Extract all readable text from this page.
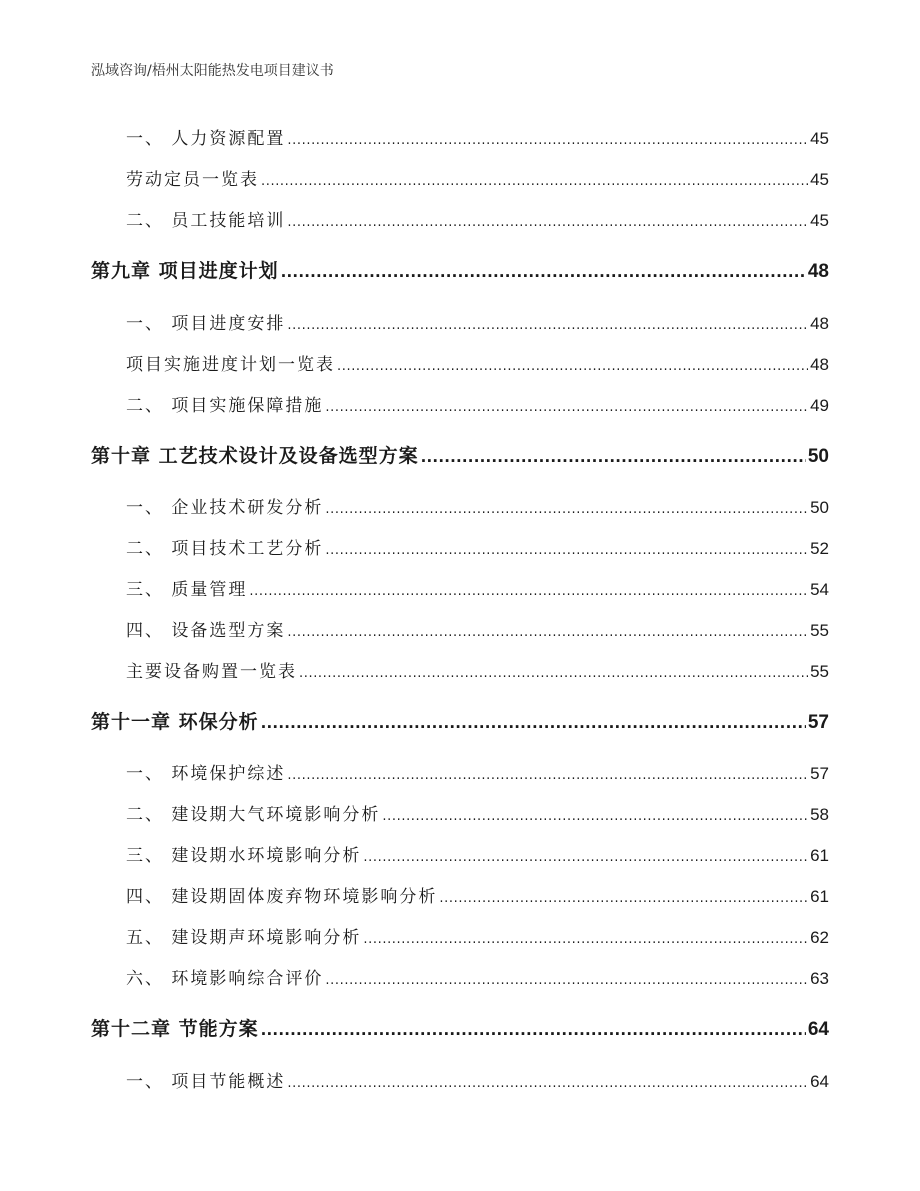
泓域咨询/梧州太阳能热发电项目建议书
一、 人力资源配置 .....	45
劳动定员一览表 .....	45
二、 员工技能培训 .....	45
第九章 项目进度计划 .....	48
一、 项目进度安排 .....	48
项目实施进度计划一览表 .....	48
二、 项目实施保障措施 .....	49
第十章 工艺技术设计及设备选型方案 .....	50
一、 企业技术研发分析 .....	50
二、 项目技术工艺分析 .....	52
三、 质量管理 .....	54
四、 设备选型方案 .....	55
主要设备购置一览表 .....	55
第十一章 环保分析 .....	57
一、 环境保护综述 .....	57
二、 建设期大气环境影响分析 .....	58
三、 建设期水环境影响分析 .....	61
四、 建设期固体废弃物环境影响分析 .....	61
五、 建设期声环境影响分析 .....	62
六、 环境影响综合评价 .....	63
第十二章 节能方案 .....	64
一、 项目节能概述 .....	64
